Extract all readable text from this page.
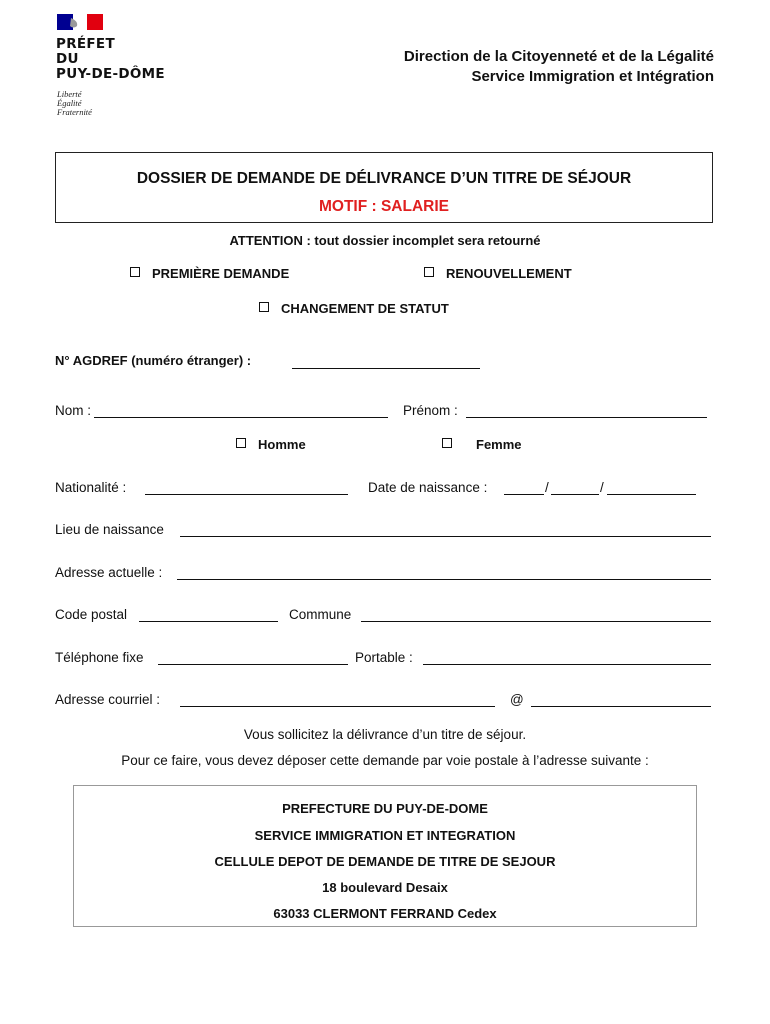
PRÉFET
DU
PUY-DE-DÔME
Liberté
Égalité
Fraternité
Direction de la Citoyenneté et de la Légalité
Service Immigration et Intégration
DOSSIER DE DEMANDE DE DÉLIVRANCE D’UN TITRE DE SÉJOUR
MOTIF : SALARIE
ATTENTION : tout dossier incomplet sera retourné
PREMIÈRE DEMANDE	RENOUVELLEMENT
CHANGEMENT DE STATUT
N° AGDREF (numéro étranger) :
Nom :	Prénom :
Homme	Femme
Nationalité :	Date de naissance :	/	/
Lieu de naissance
Adresse actuelle :
Code postal	Commune
Téléphone fixe	Portable :
Adresse courriel :	@
Vous sollicitez la délivrance d’un titre de séjour.
Pour ce faire, vous devez déposer cette demande par voie postale à l’adresse suivante :
PREFECTURE DU PUY-DE-DOME
SERVICE IMMIGRATION ET INTEGRATION
CELLULE DEPOT DE DEMANDE DE TITRE DE SEJOUR
18 boulevard Desaix
63033 CLERMONT FERRAND Cedex
